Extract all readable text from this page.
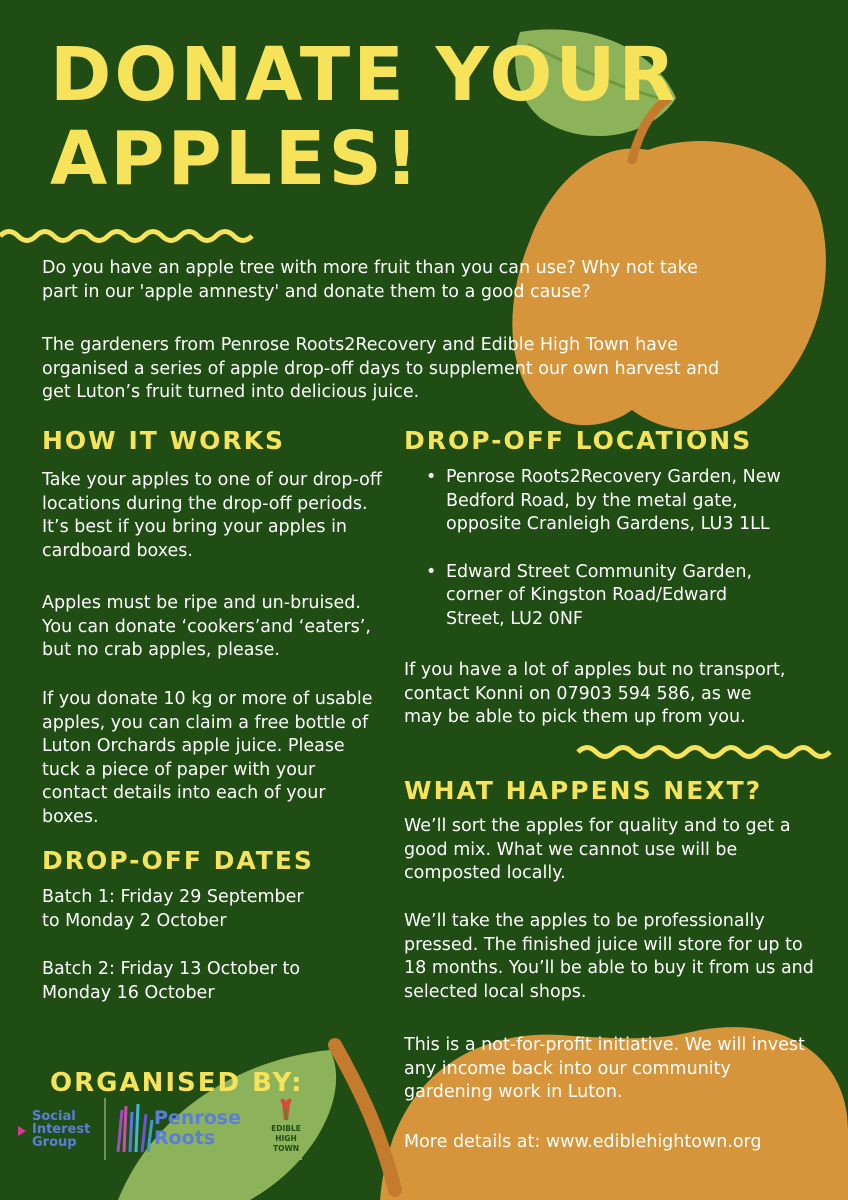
DONATE YOUR
APPLES!

Do you have an apple tree with more fruit than you can use? Why not take part in our 'apple amnesty' and donate them to a good cause?

The gardeners from Penrose Roots2Recovery and Edible High Town have organised a series of apple drop-off days to supplement our own harvest and get Luton’s fruit turned into delicious juice.

HOW IT WORKS

Take your apples to one of our drop-off locations during the drop-off periods. It’s best if you bring your apples in cardboard boxes.

Apples must be ripe and un-bruised. You can donate ‘cookers’and ‘eaters’, but no crab apples, please.

If you donate 10 kg or more of usable apples, you can claim a free bottle of Luton Orchards apple juice. Please tuck a piece of paper with your contact details into each of your boxes.

DROP-OFF DATES

Batch 1: Friday 29 September to Monday 2 October

Batch 2: Friday 13 October to Monday 16 October

ORGANISED BY:
Social
Interest
Group
Penrose
Roots	EDIBLE
HIGH
TOWN
DROP-OFF LOCATIONS
• Penrose Roots2Recovery Garden, New Bedford Road, by the metal gate, opposite Cranleigh Gardens, LU3 1LL
• Edward Street Community Garden, corner of Kingston Road/Edward Street, LU2 0NF

If you have a lot of apples but no transport, contact Konni on 07903 594 586, as we may be able to pick them up from you.

WHAT HAPPENS NEXT?

We’ll sort the apples for quality and to get a good mix. What we cannot use will be composted locally.

We’ll take the apples to be professionally pressed. The finished juice will store for up to 18 months. You’ll be able to buy it from us and selected local shops.

This is a not-for-profit initiative. We will invest any income back into our community gardening work in Luton.

More details at: www.ediblehightown.org
